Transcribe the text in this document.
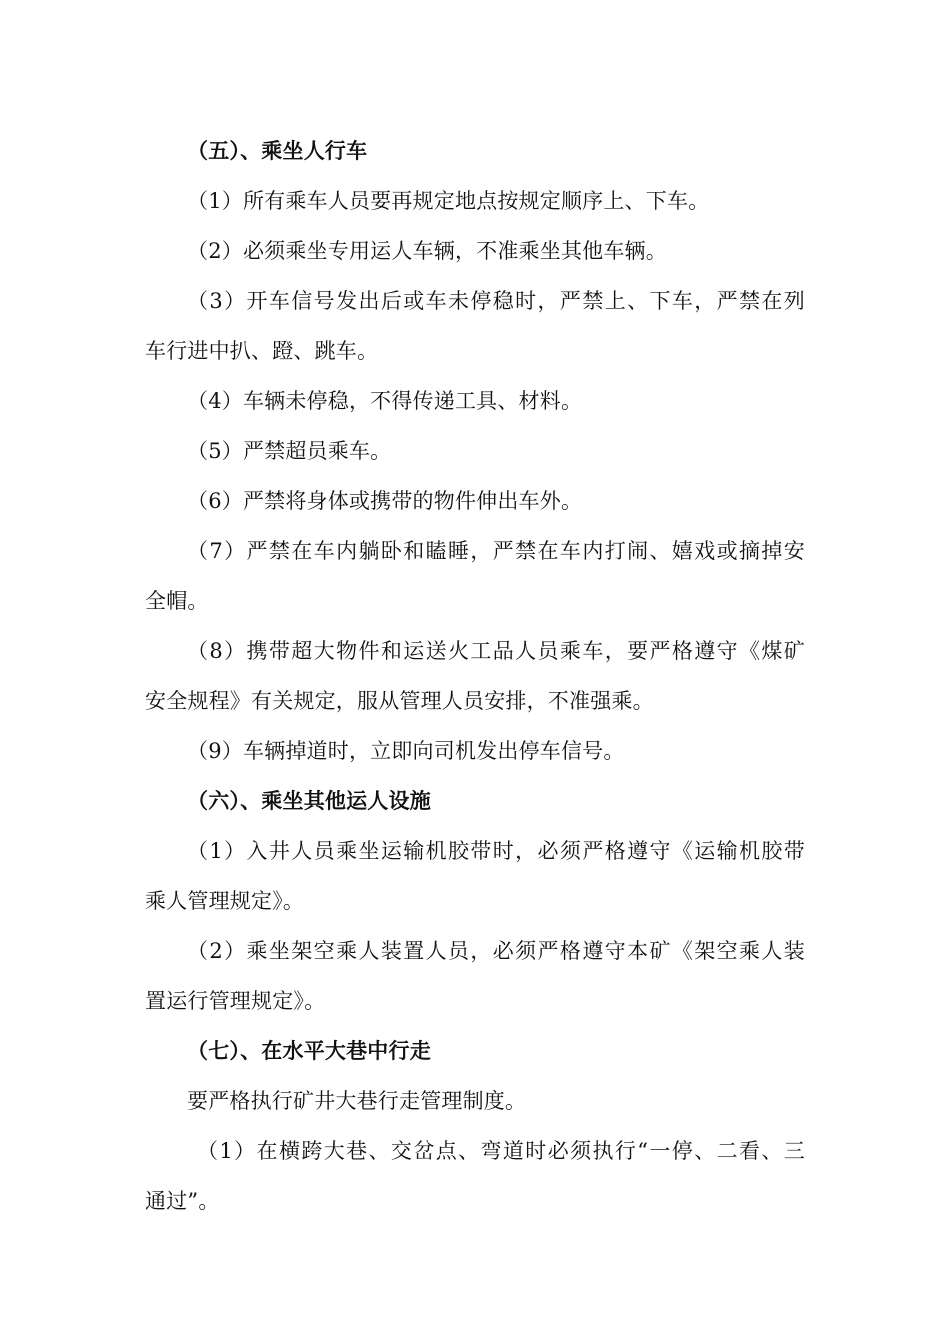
（五）、乘坐人行车
（1）所有乘车人员要再规定地点按规定顺序上、下车。
（2）必须乘坐专用运人车辆，不准乘坐其他车辆。
（3）开车信号发出后或车未停稳时，严禁上、下车，严禁在列
车行进中扒、蹬、跳车。
（4）车辆未停稳，不得传递工具、材料。
（5）严禁超员乘车。
（6）严禁将身体或携带的物件伸出车外。
（7）严禁在车内躺卧和瞌睡，严禁在车内打闹、嬉戏或摘掉安
全帽。
（8）携带超大物件和运送火工品人员乘车，要严格遵守《煤矿
安全规程》有关规定，服从管理人员安排，不准强乘。
（9）车辆掉道时，立即向司机发出停车信号。
（六）、乘坐其他运人设施
（1）入井人员乘坐运输机胶带时，必须严格遵守《运输机胶带
乘人管理规定》。
（2）乘坐架空乘人装置人员，必须严格遵守本矿《架空乘人装
置运行管理规定》。
（七）、在水平大巷中行走
要严格执行矿井大巷行走管理制度。
（1）在横跨大巷、交岔点、弯道时必须执行“一停、二看、三
通过”。
